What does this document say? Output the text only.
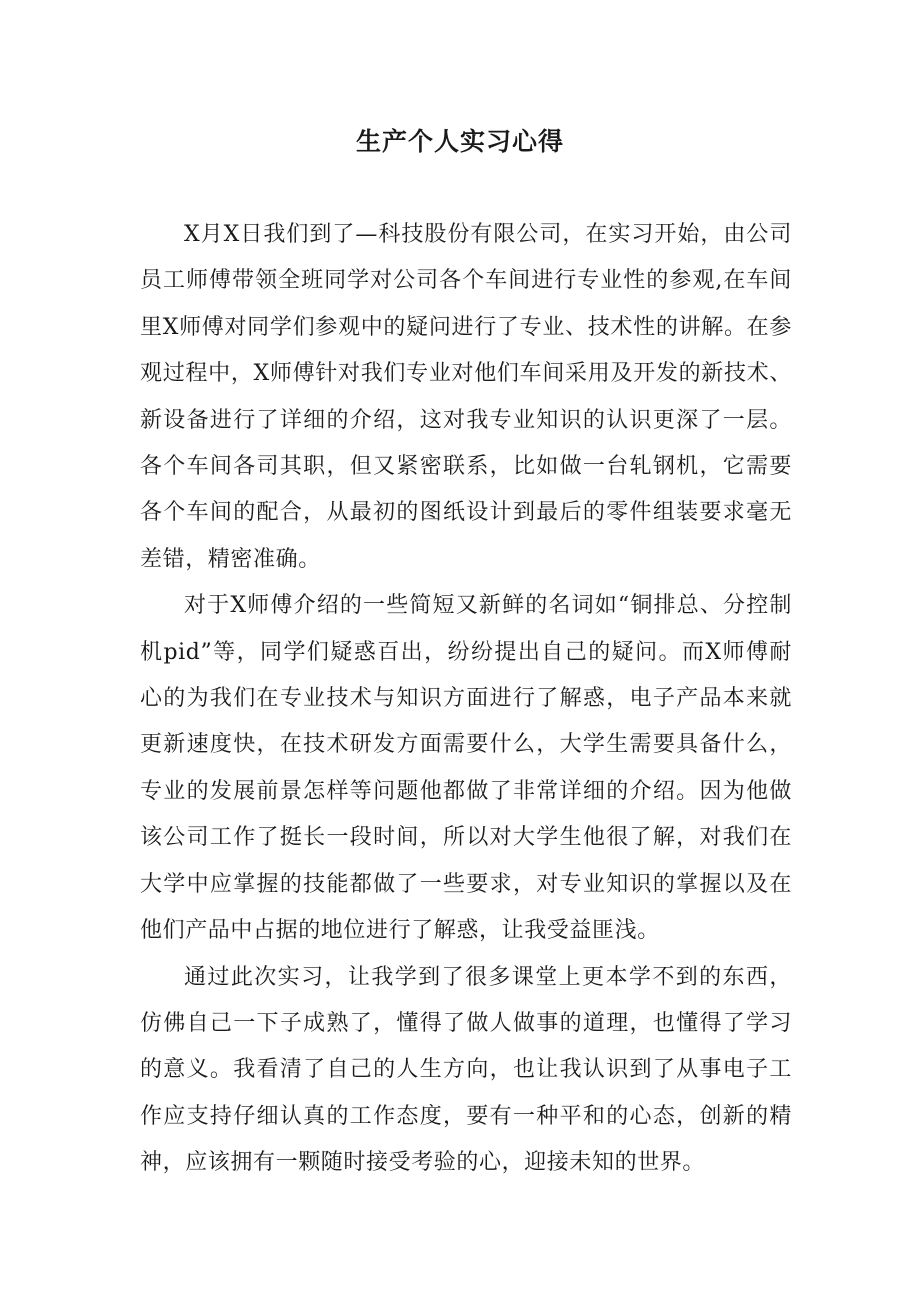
生产个人实习心得

X月X日我们到了—科技股份有限公司，在实习开始，由公司员工师傅带领全班同学对公司各个车间进行专业性的参观,在车间里X师傅对同学们参观中的疑问进行了专业、技术性的讲解。在参观过程中，X师傅针对我们专业对他们车间采用及开发的新技术、新设备进行了详细的介绍，这对我专业知识的认识更深了一层。各个车间各司其职，但又紧密联系，比如做一台轧钢机，它需要各个车间的配合，从最初的图纸设计到最后的零件组装要求毫无差错，精密准确。

对于X师傅介绍的一些简短又新鲜的名词如“铜排总、分控制机pid”等，同学们疑惑百出，纷纷提出自己的疑问。而X师傅耐心的为我们在专业技术与知识方面进行了解惑，电子产品本来就更新速度快，在技术研发方面需要什么，大学生需要具备什么，专业的发展前景怎样等问题他都做了非常详细的介绍。因为他做该公司工作了挺长一段时间，所以对大学生他很了解，对我们在大学中应掌握的技能都做了一些要求，对专业知识的掌握以及在他们产品中占据的地位进行了解惑，让我受益匪浅。

通过此次实习，让我学到了很多课堂上更本学不到的东西，仿佛自己一下子成熟了，懂得了做人做事的道理，也懂得了学习的意义。我看清了自己的人生方向，也让我认识到了从事电子工作应支持仔细认真的工作态度，要有一种平和的心态，创新的精神，应该拥有一颗随时接受考验的心，迎接未知的世界。
